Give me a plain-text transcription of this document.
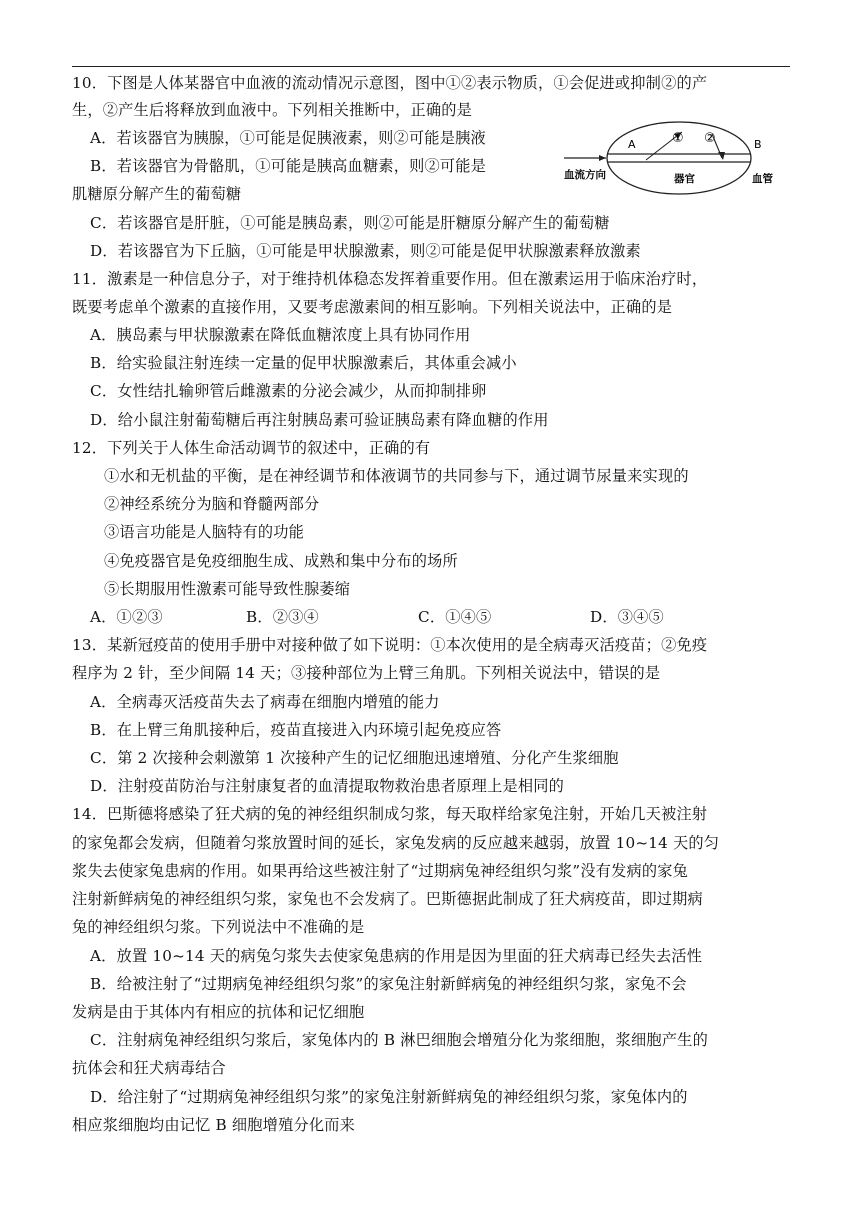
10．下图是人体某器官中血液的流动情况示意图，图中①②表示物质，①会促进或抑制②的产
生，②产生后将释放到血液中。下列相关推断中，正确的是
A．若该器官为胰腺，①可能是促胰液素，则②可能是胰液
B．若该器官为骨骼肌，①可能是胰高血糖素，则②可能是
肌糖原分解产生的葡萄糖
C．若该器官是肝脏，①可能是胰岛素，则②可能是肝糖原分解产生的葡萄糖
D．若该器官为下丘脑，①可能是甲状腺激素，则②可能是促甲状腺激素释放激素
A	B
① ②
血流方向	器官	血管
11．激素是一种信息分子，对于维持机体稳态发挥着重要作用。但在激素运用于临床治疗时，
既要考虑单个激素的直接作用，又要考虑激素间的相互影响。下列相关说法中，正确的是
A．胰岛素与甲状腺激素在降低血糖浓度上具有协同作用
B．给实验鼠注射连续一定量的促甲状腺激素后，其体重会减小
C．女性结扎输卵管后雌激素的分泌会减少，从而抑制排卵
D．给小鼠注射葡萄糖后再注射胰岛素可验证胰岛素有降血糖的作用
12．下列关于人体生命活动调节的叙述中，正确的有
①水和无机盐的平衡，是在神经调节和体液调节的共同参与下，通过调节尿量来实现的
②神经系统分为脑和脊髓两部分
③语言功能是人脑特有的功能
④免疫器官是免疫细胞生成、成熟和集中分布的场所
⑤长期服用性激素可能导致性腺萎缩
A．①②③	B．②③④	C．①④⑤	D．③④⑤
13．某新冠疫苗的使用手册中对接种做了如下说明：①本次使用的是全病毒灭活疫苗；②免疫
程序为 2 针，至少间隔 14 天；③接种部位为上臂三角肌。下列相关说法中，错误的是
A．全病毒灭活疫苗失去了病毒在细胞内增殖的能力
B．在上臂三角肌接种后，疫苗直接进入内环境引起免疫应答
C．第 2 次接种会刺激第 1 次接种产生的记忆细胞迅速增殖、分化产生浆细胞
D．注射疫苗防治与注射康复者的血清提取物救治患者原理上是相同的
14．巴斯德将感染了狂犬病的兔的神经组织制成匀浆，每天取样给家兔注射，开始几天被注射
的家兔都会发病，但随着匀浆放置时间的延长，家兔发病的反应越来越弱，放置 10~14 天的匀
浆失去使家兔患病的作用。如果再给这些被注射了“过期病兔神经组织匀浆”没有发病的家兔
注射新鲜病兔的神经组织匀浆，家兔也不会发病了。巴斯德据此制成了狂犬病疫苗，即过期病
兔的神经组织匀浆。下列说法中不准确的是
A．放置 10~14 天的病兔匀浆失去使家兔患病的作用是因为里面的狂犬病毒已经失去活性
B．给被注射了“过期病兔神经组织匀浆”的家兔注射新鲜病兔的神经组织匀浆，家兔不会
发病是由于其体内有相应的抗体和记忆细胞
C．注射病兔神经组织匀浆后，家兔体内的 B 淋巴细胞会增殖分化为浆细胞，浆细胞产生的
抗体会和狂犬病毒结合
D．给注射了“过期病兔神经组织匀浆”的家兔注射新鲜病兔的神经组织匀浆，家兔体内的
相应浆细胞均由记忆 B 细胞增殖分化而来
